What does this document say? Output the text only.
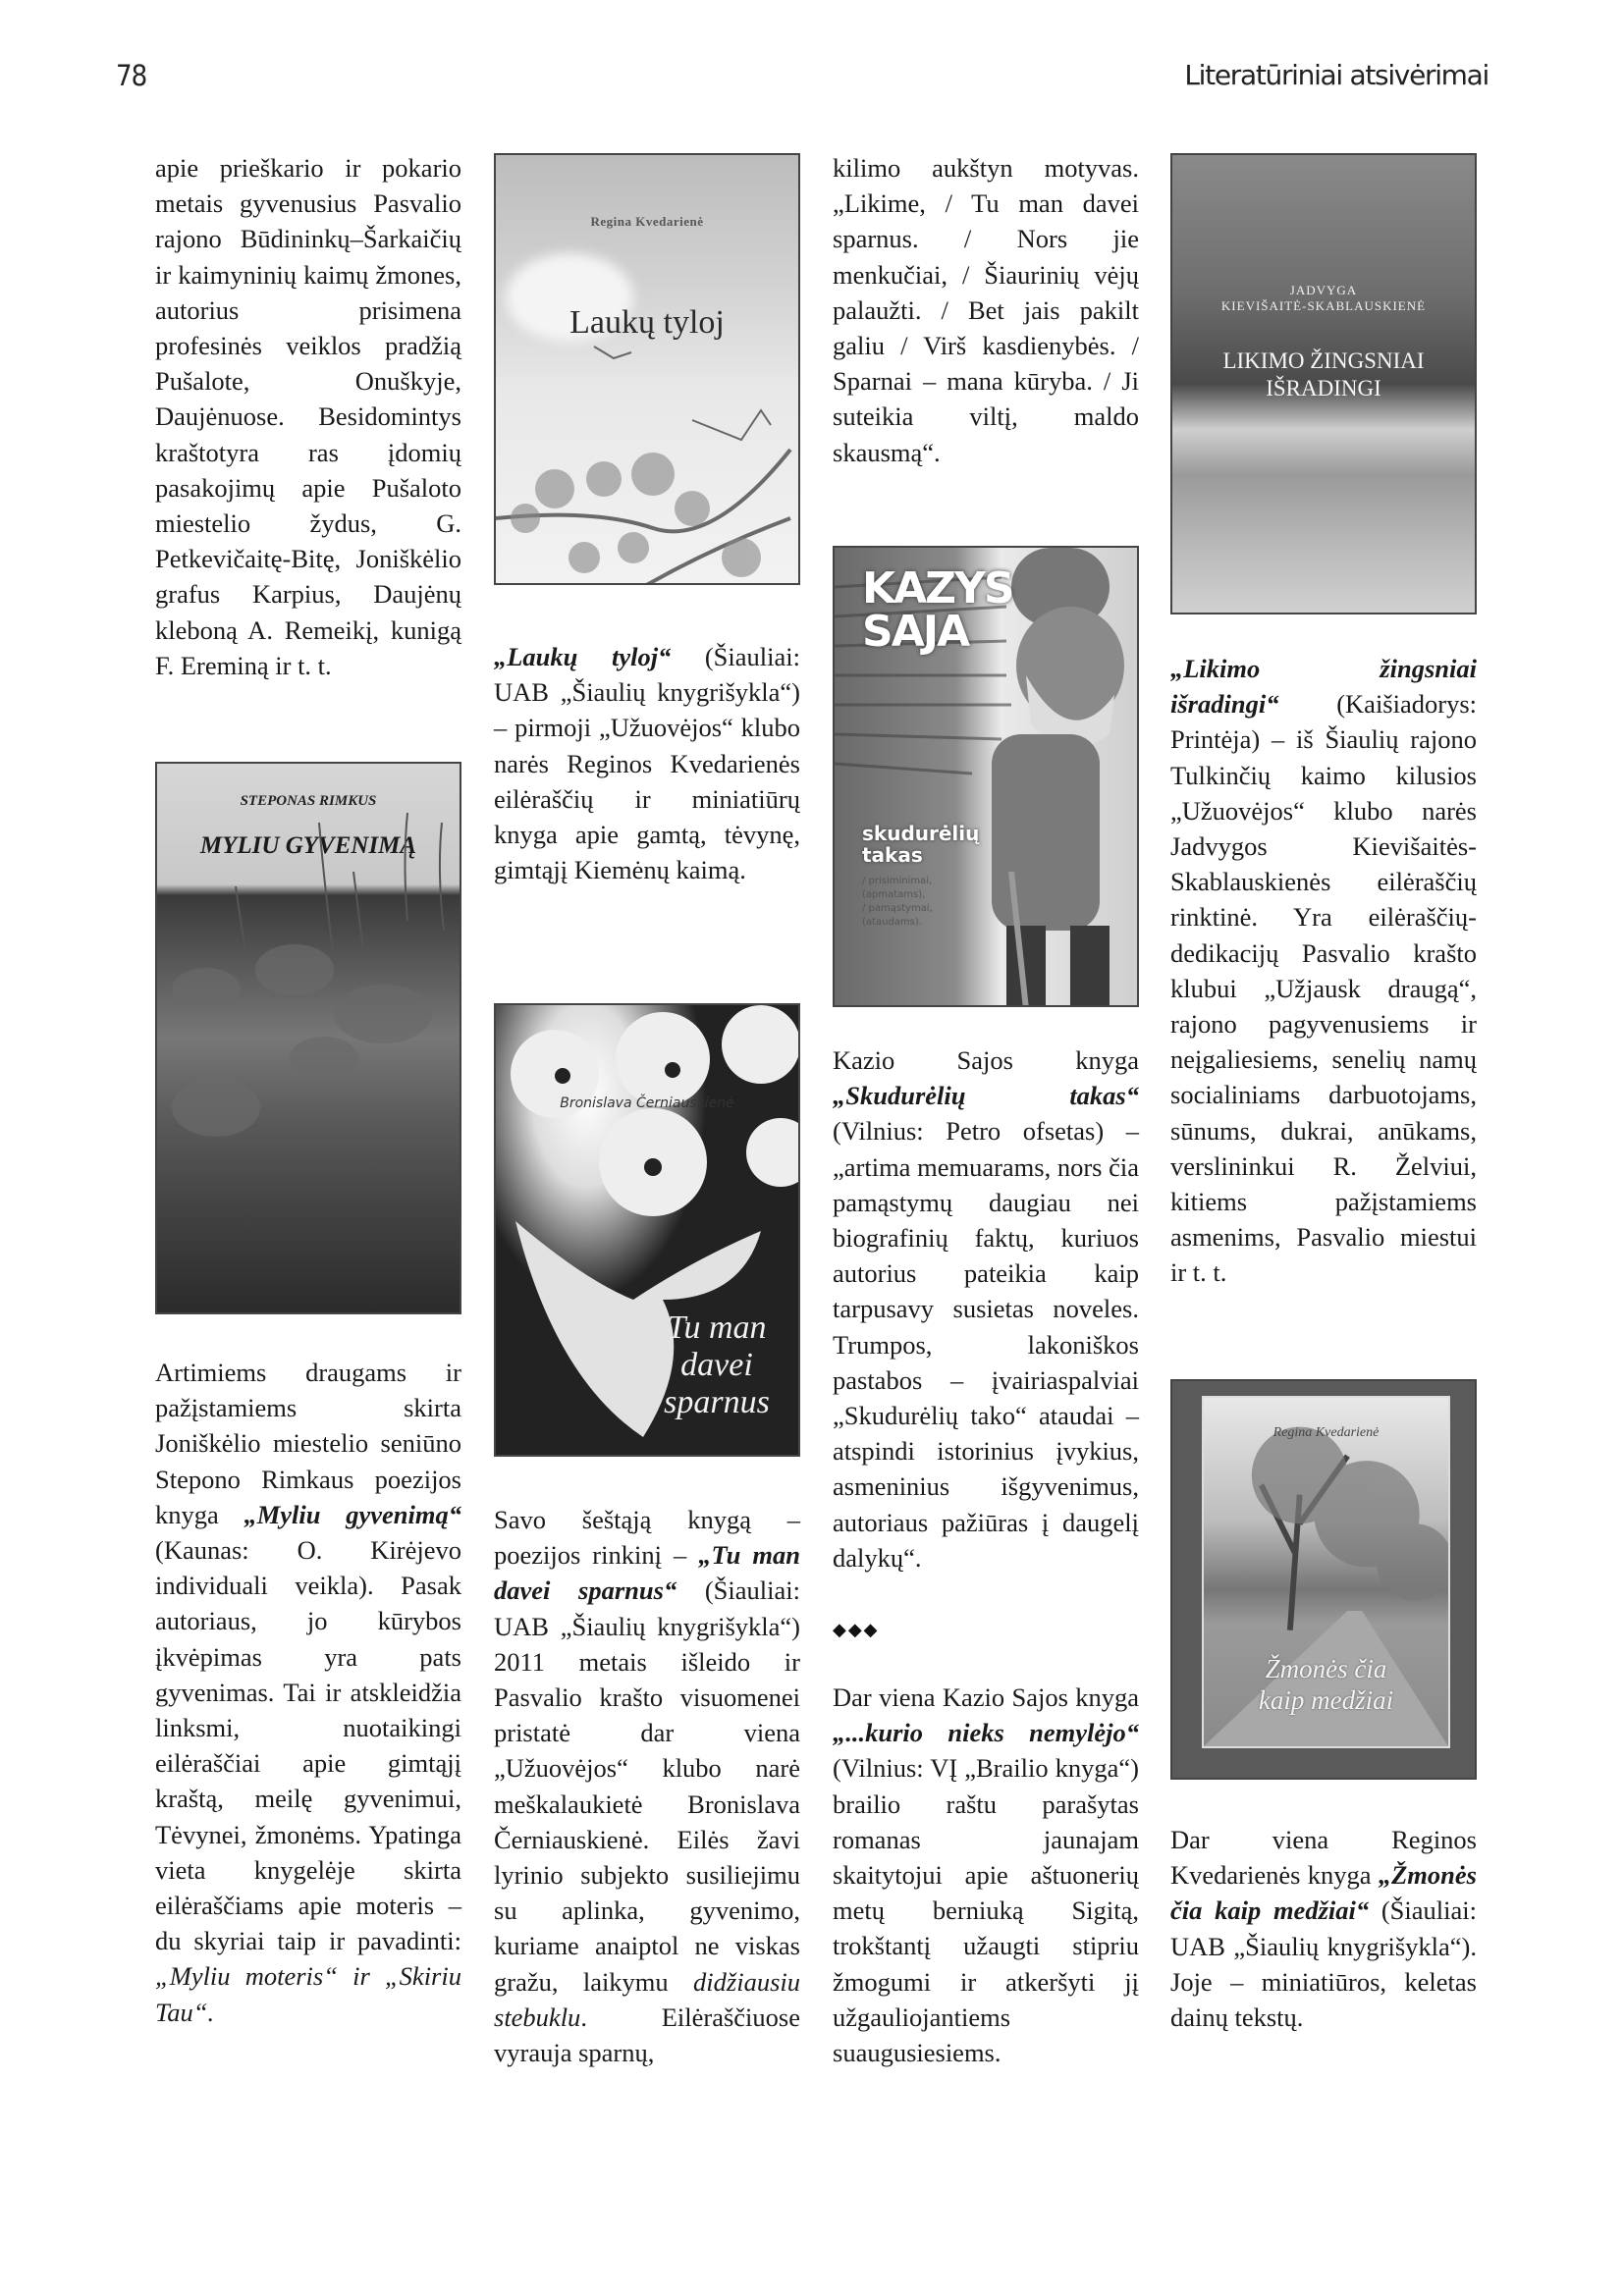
78	Literatūriniai atsivėrimai

apie prieškario ir pokario metais gyvenusius Pasvalio rajono Būdininkų–Šarkaičių ir kaimyninių kaimų žmones, autorius prisimena profesinės veiklos pradžią Pušalote, Onuškyje, Daujėnuose. Besidomintys kraštotyra ras įdomių pasakojimų apie Pušaloto miestelio žydus, G. Petkevičaitę-Bitę, Joniškėlio grafus Karpius, Daujėnų kleboną A. Remeikį, kunigą F. Ereminą ir t. t.

STEPONAS RIMKUS
MYLIU GYVENIMĄ

Artimiems draugams ir pažįstamiems skirta Joniškėlio miestelio seniūno Stepono Rimkaus poezijos knyga „Myliu gyvenimą“ (Kaunas: O. Kirėjevo individuali veikla). Pasak autoriaus, jo kūrybos įkvėpimas yra pats gyvenimas. Tai ir atskleidžia linksmi, nuotaikingi eilėraščiai apie gimtąjį kraštą, meilę gyvenimui, Tėvynei, žmonėms. Ypatinga vieta knygelėje skirta eilėraščiams apie moteris – du skyriai taip ir pavadinti: „Myliu moteris“ ir „Skiriu Tau“.

Regina Kvedarienė
Laukų tyloj

„Laukų tyloj“ (Šiauliai: UAB „Šiaulių knygrišykla“) – pirmoji „Užuovėjos“ klubo narės Reginos Kvedarienės eilėraščių ir miniatiūrų knyga apie gamtą, tėvynę, gimtąjį Kiemėnų kaimą.

Bronislava Černiauskienė
Tu man davei sparnus

Savo šeštąją knygą – poezijos rinkinį – „Tu man davei sparnus“ (Šiauliai: UAB „Šiaulių knygrišykla“) 2011 metais išleido ir Pasvalio krašto visuomenei pristatė dar viena „Užuovėjos“ klubo narė meškalaukietė Bronislava Černiauskienė. Eilės žavi lyrinio subjekto susiliejimu su aplinka, gyvenimo, kuriame anaiptol ne viskas gražu, laikymu didžiausiu stebuklu. Eilėraščiuose vyrauja sparnų,

kilimo aukštyn motyvas. „Likime, / Tu man davei sparnus. / Nors jie menkučiai, / Šiaurinių vėjų palaužti. / Bet jais pakilt galiu / Virš kasdienybės. / Sparnai – mana kūryba. / Ji suteikia viltį, maldo skausmą“.

KAZYS SAJA
skudurėlių takas
/ prisiminimai,
(apmatams),
/ pamąstymai,
(ataudams).

Kazio Sajos knyga „Skudurėlių takas“ (Vilnius: Petro ofsetas) – „artima memuarams, nors čia pamąstymų daugiau nei biografinių faktų, kuriuos autorius pateikia kaip tarpusavy susietas noveles. Trumpos, lakoniškos pastabos – įvairiaspalviai „Skudurėlių tako“ ataudai – atspindi istorinius įvykius, asmeninius išgyvenimus, autoriaus pažiūras į daugelį dalykų“.

◆◆◆

Dar viena Kazio Sajos knyga „...kurio nieks nemylėjo“ (Vilnius: VĮ „Brailio knyga“) brailio raštu parašytas romanas jaunajam skaitytojui apie aštuonerių metų berniuką Sigitą, trokštantį užaugti stipriu žmogumi ir atkeršyti jį užgauliojantiems suaugusiesiems.

JADVYGA
KIEVIŠAITĖ-SKABLAUSKIENĖ
LIKIMO ŽINGSNIAI
IŠRADINGI

„Likimo žingsniai išradingi“ (Kaišiadorys: Printėja) – iš Šiaulių rajono Tulkinčių kaimo kilusios „Užuovėjos“ klubo narės Jadvygos Kievišaitės-Skablauskienės eilėraščių rinktinė. Yra eilėraščių-dedikacijų Pasvalio krašto klubui „Užjausk draugą“, rajono pagyvenusiems ir neįgaliesiems, senelių namų socialiniams darbuotojams, sūnums, dukrai, anūkams, verslininkui R. Želviui, kitiems pažįstamiems asmenims, Pasvalio miestui ir t. t.

Regina Kvedarienė
Žmonės čia
kaip medžiai

Dar viena Reginos Kvedarienės knyga „Žmonės čia kaip medžiai“ (Šiauliai: UAB „Šiaulių knygrišykla“). Joje – miniatiūros, keletas dainų tekstų.
